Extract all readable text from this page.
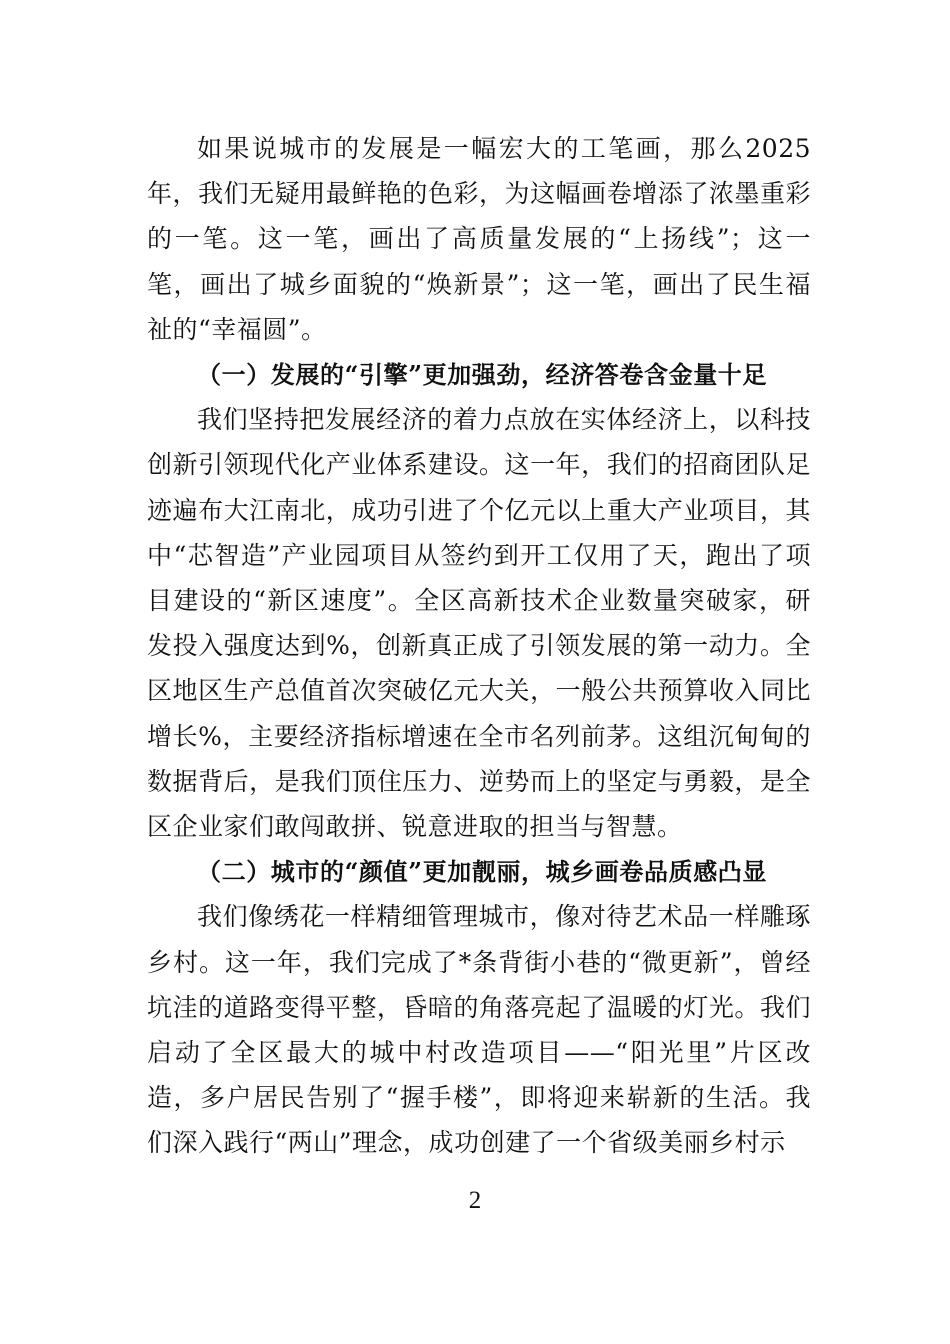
如果说城市的发展是一幅宏大的工笔画，那么2025年，我们无疑用最鲜艳的色彩，为这幅画卷增添了浓墨重彩的一笔。这一笔，画出了高质量发展的“上扬线”；这一笔，画出了城乡面貌的“焕新景”；这一笔，画出了民生福祉的“幸福圆”。

（一）发展的“引擎”更加强劲，经济答卷含金量十足

我们坚持把发展经济的着力点放在实体经济上，以科技创新引领现代化产业体系建设。这一年，我们的招商团队足迹遍布大江南北，成功引进了个亿元以上重大产业项目，其中“芯智造”产业园项目从签约到开工仅用了天，跑出了项目建设的“新区速度”。全区高新技术企业数量突破家，研发投入强度达到%，创新真正成了引领发展的第一动力。全区地区生产总值首次突破亿元大关，一般公共预算收入同比增长%，主要经济指标增速在全市名列前茅。这组沉甸甸的数据背后，是我们顶住压力、逆势而上的坚定与勇毅，是全区企业家们敢闯敢拼、锐意进取的担当与智慧。

（二）城市的“颜值”更加靓丽，城乡画卷品质感凸显

我们像绣花一样精细管理城市，像对待艺术品一样雕琢乡村。这一年，我们完成了*条背街小巷的“微更新”，曾经坑洼的道路变得平整，昏暗的角落亮起了温暖的灯光。我们启动了全区最大的城中村改造项目——“阳光里”片区改造，多户居民告别了“握手楼”，即将迎来崭新的生活。我们深入践行“两山”理念，成功创建了一个省级美丽乡村示

2
